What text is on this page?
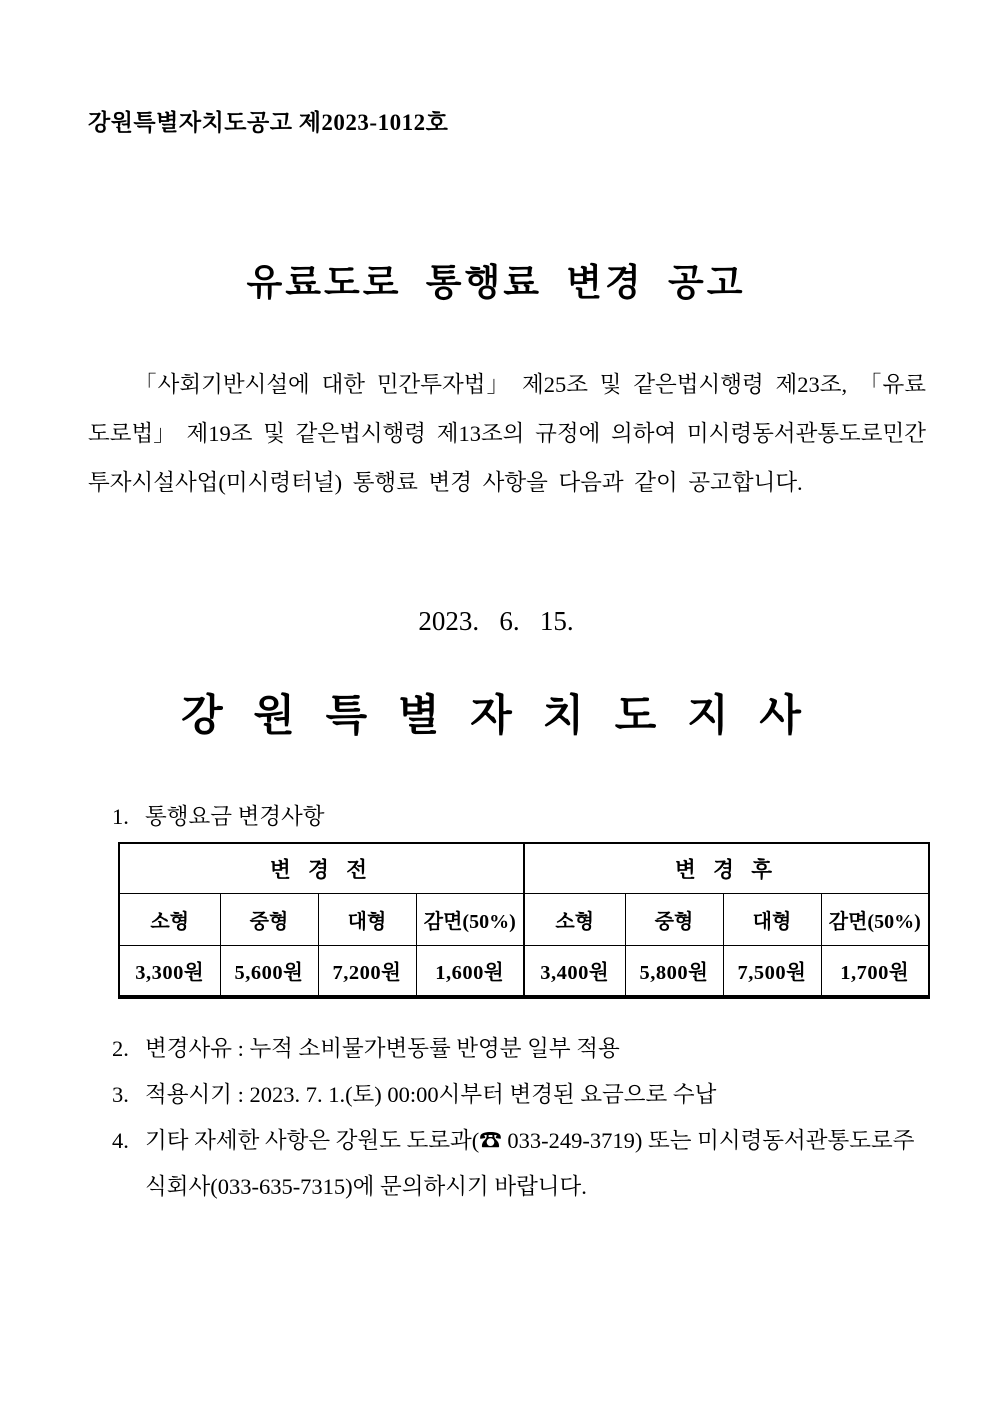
강원특별자치도공고 제2023-1012호
유료도로 통행료 변경 공고
「사회기반시설에 대한 민간투자법」 제25조 및 같은법시행령 제23조, 「유료도로법」 제19조 및 같은법시행령 제13조의 규정에 의하여 미시령동서관통도로민간투자시설사업(미시령터널) 통행료 변경 사항을 다음과 같이 공고합니다.
2023.   6.   15.
강 원 특 별 자 치 도 지 사
1. 통행요금 변경사항
변 경 전				변 경 후			
소형	중형	대형	감면(50%)	소형	중형	대형	감면(50%)
3,300원	5,600원	7,200원	1,600원	3,400원	5,800원	7,500원	1,700원
2. 변경사유 : 누적 소비물가변동률 반영분 일부 적용
3. 적용시기 : 2023. 7. 1.(토) 00:00시부터 변경된 요금으로 수납
4. 기타 자세한 사항은 강원도 도로과(☎ 033-249-3719) 또는 미시령동서관통도로주식회사(033-635-7315)에 문의하시기 바랍니다.
